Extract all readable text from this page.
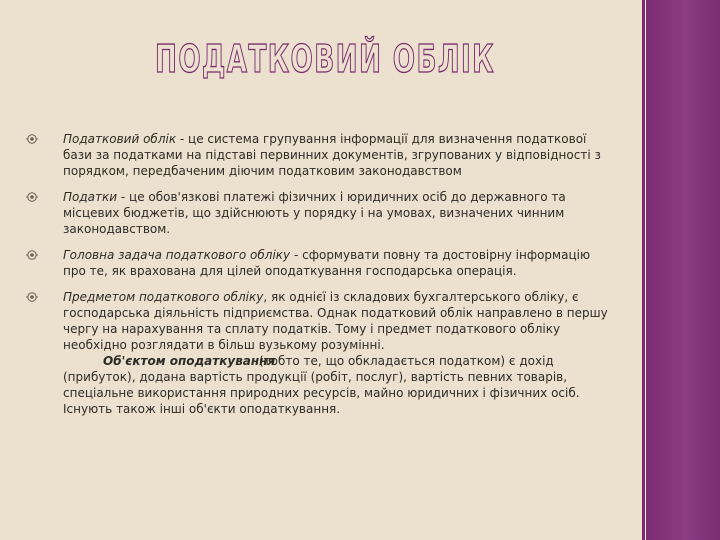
ПОДАТКОВИЙ ОБЛІК
Податковий облік - це система групування інформації для визначення податкової бази за податками на підставі первинних документів, згрупованих у відповідності з порядком, передбаченим діючим податковим законодавством
Податки - це обов'язкові платежі фізичних і юридичних осіб до державного та місцевих бюджетів, що здійснюють у порядку і на умовах, визначених чинним законодавством.
Головна задача податкового обліку - сформувати повну та достовірну інформацію про те, як врахована для цілей оподаткування господарська операція.
Предметом податкового обліку, як однієї із складових бухгалтерського обліку, є господарська діяльність підприємства. Однак податковий облік направлено в першу чергу на нарахування та сплату податків. Тому і предмет податкового обліку необхідно розглядати в більш вузькому розумінні.
Об'єктом оподаткування
(тобто те, що обкладається податком) є дохід (прибуток), додана вартість продукції (робіт, послуг), вартість певних товарів, спеціальне використання природних ресурсів, майно юридичних і фізичних осіб. Існують також інші об'єкти оподаткування.
